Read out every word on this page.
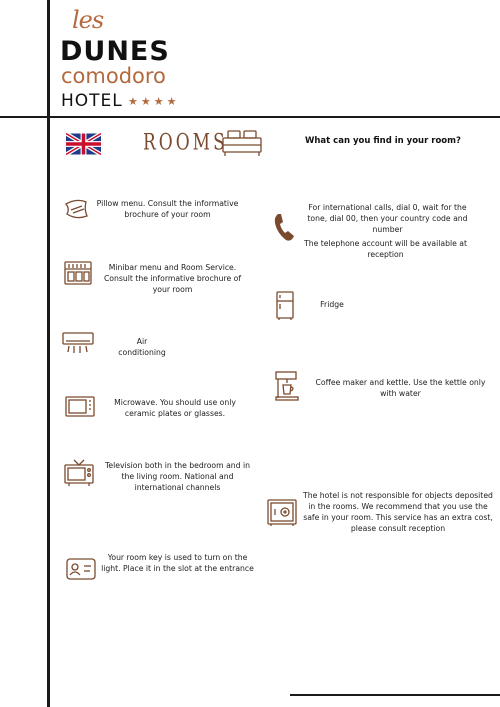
les
DUNES
comodoro
HOTEL ★★★★
ROOMS	What can you find in your room?
Pillow menu. Consult the informative brochure of your room
Minibar menu and Room Service. Consult the informative brochure of your room
Air conditioning
Microwave. You should use only ceramic plates or glasses.
Television both in the bedroom and in the living room. National and international channels
Your room key is used to turn on the light. Place it in the slot at the entrance
For international calls, dial 0, wait for the tone, dial 00, then your country code and number
The telephone account will be available at reception
Fridge
Coffee maker and kettle. Use the kettle only with water
The hotel is not responsible for objects deposited in the rooms. We recommend that you use the safe in your room. This service has an extra cost, please consult reception
